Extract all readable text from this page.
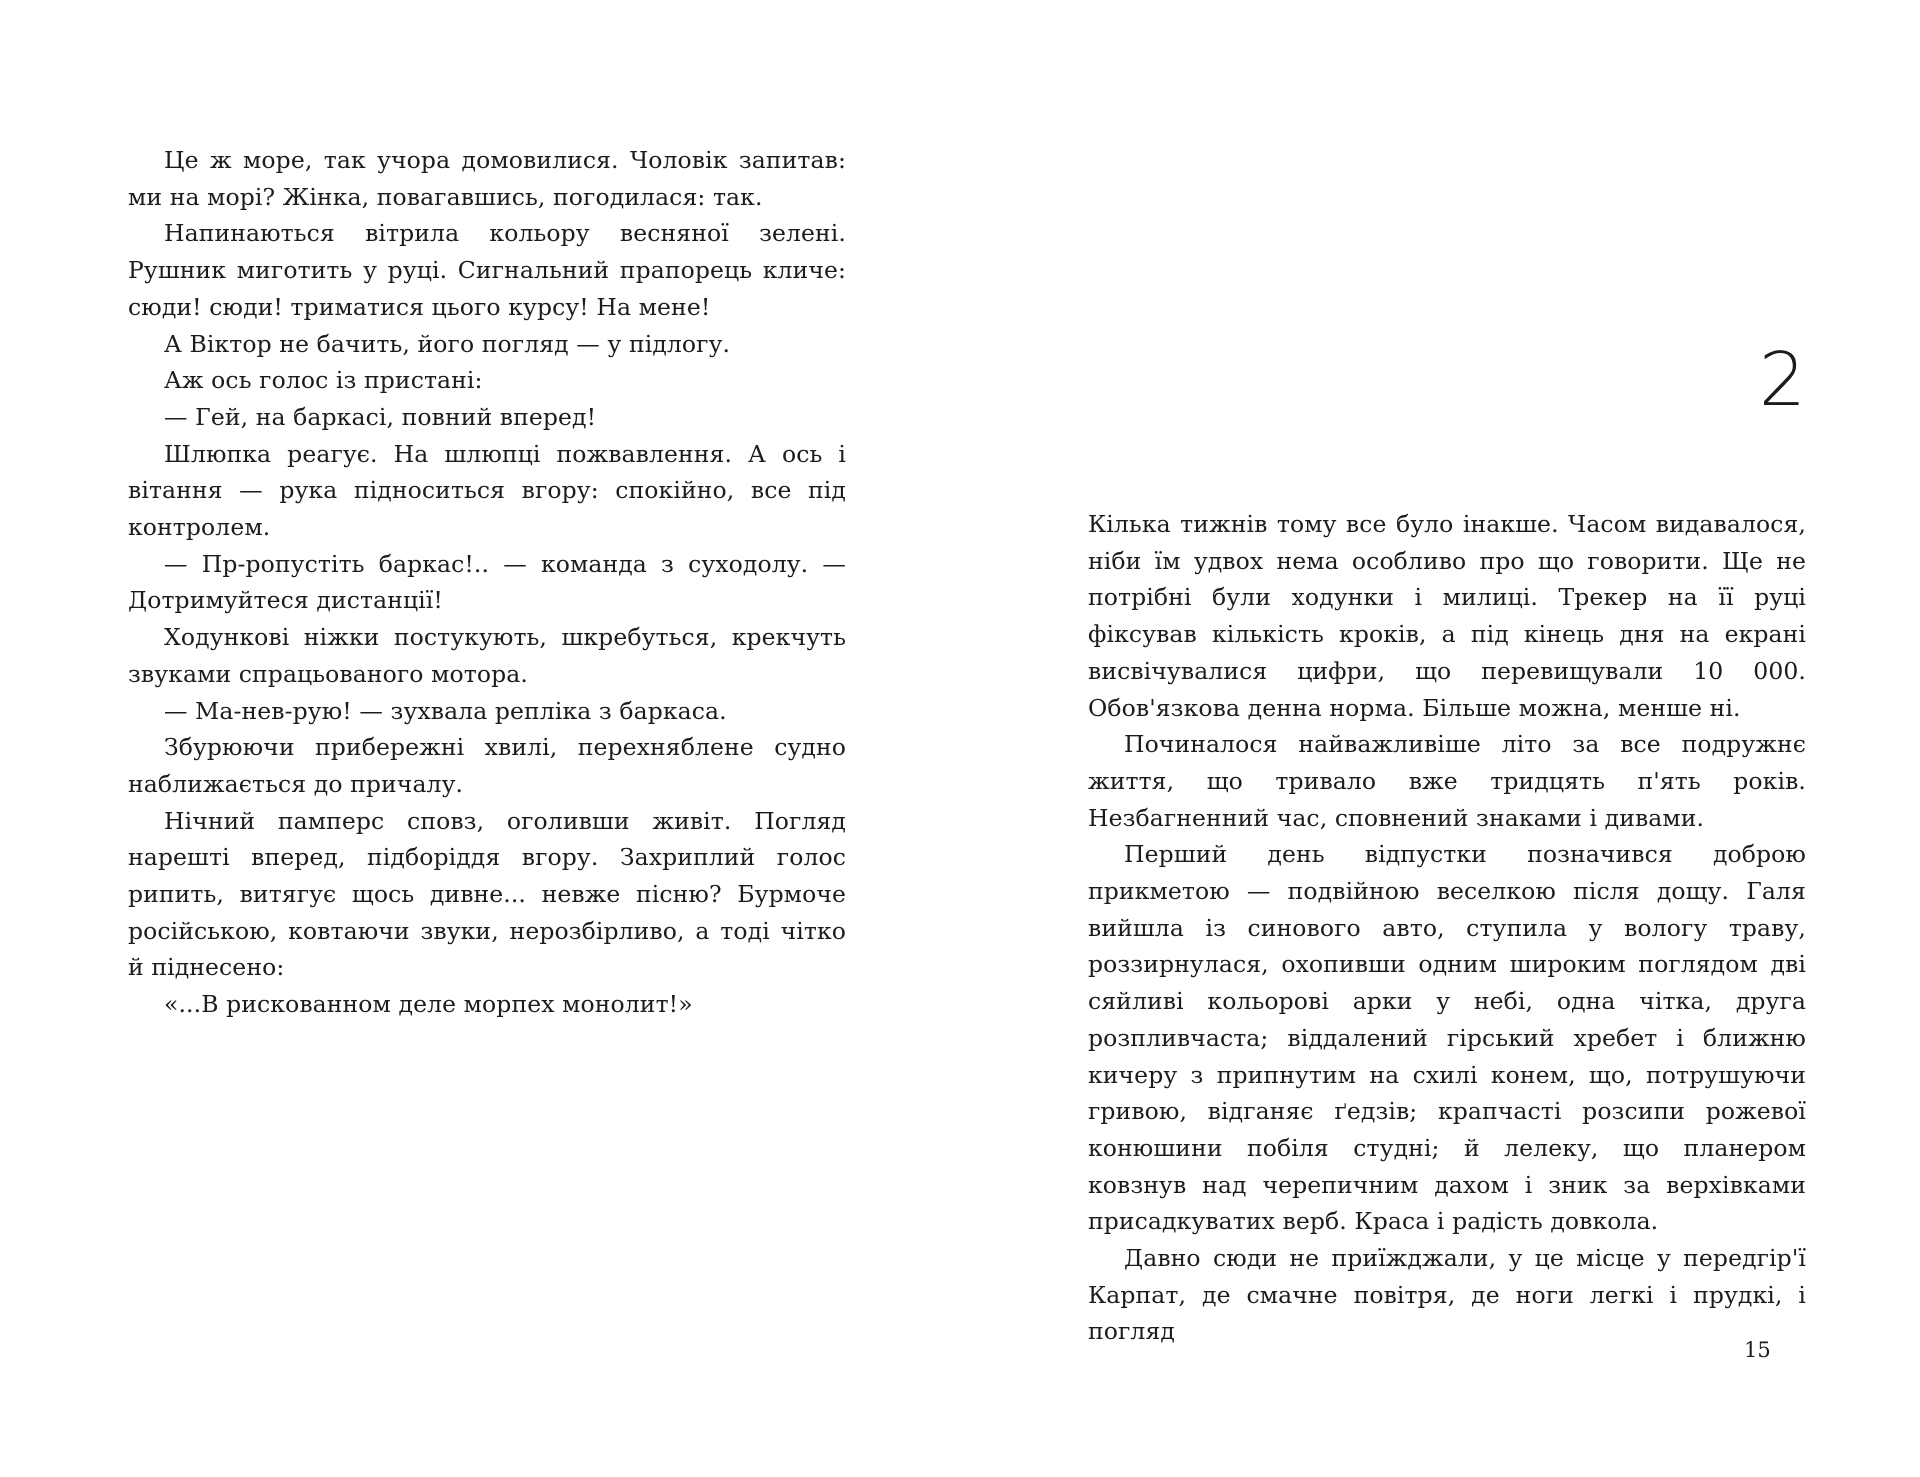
Це ж море, так учора домовилися. Чоловік запитав: ми на морі? Жінка, повагавшись, погодилася: так.

Напинаються вітрила кольору весняної зелені. Рушник миготить у руці. Сигнальний прапорець кличе: сюди! сюди! триматися цього курсу! На мене!

А Віктор не бачить, його погляд — у підлогу.

Аж ось голос із пристані:

— Гей, на баркасі, повний вперед!

Шлюпка реагує. На шлюпці пожвавлення. А ось і вітання — рука підноситься вгору: спокійно, все під контролем.

— Пр-ропустіть баркас!.. — команда з суходолу. — Дотримуйтеся дистанції!

Ходункові ніжки постукують, шкребуться, крекчуть звуками спрацьованого мотора.

— Ма-нев-рую! — зухвала репліка з баркаса.

Збурюючи прибережні хвилі, перехняблене судно наближається до причалу.

Нічний памперс сповз, оголивши живіт. Погляд нарешті вперед, підборіддя вгору. Захриплий голос рипить, витягує щось дивне... невже пісню? Бурмоче російською, ковтаючи звуки, нерозбірливо, а тоді чітко й піднесено:

«...В рискованном деле морпех монолит!»

2

Кілька тижнів тому все було інакше. Часом видавалося, ніби їм удвох нема особливо про що говорити. Ще не потрібні були ходунки і милиці. Трекер на її руці фіксував кількість кроків, а під кінець дня на екрані висвічувалися цифри, що перевищували 10 000. Обов'язкова денна норма. Більше можна, менше ні.

Починалося найважливіше літо за все подружнє життя, що тривало вже тридцять п'ять років. Незбагненний час, сповнений знаками і дивами.

Перший день відпустки позначився доброю прикметою — подвійною веселкою після дощу. Галя вийшла із синового авто, ступила у вологу траву, роззирнулася, охопивши одним широким поглядом дві сяйливі кольорові арки у небі, одна чітка, друга розпливчаста; віддалений гірський хребет і ближню кичеру з припнутим на схилі конем, що, потрушуючи гривою, відганяє ґедзів; крапчасті розсипи рожевої конюшини побіля студні; й лелеку, що планером ковзнув над черепичним дахом і зник за верхівками присадкуватих верб. Краса і радість довкола.

Давно сюди не приїжджали, у це місце у передгір'ї Карпат, де смачне повітря, де ноги легкі і прудкі, і погляд

15
